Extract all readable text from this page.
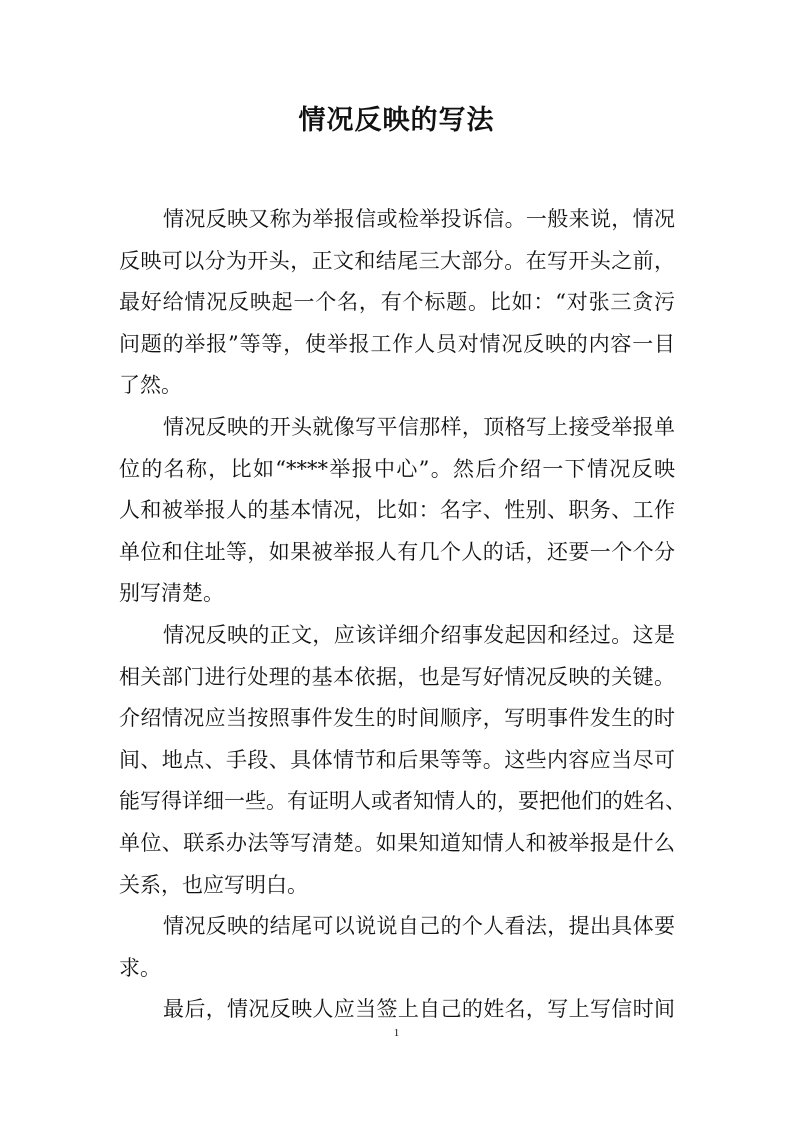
情况反映的写法
情况反映又称为举报信或检举投诉信。一般来说，情况
反映可以分为开头，正文和结尾三大部分。在写开头之前，
最好给情况反映起一个名，有个标题。比如：“对张三贪污
问题的举报”等等，使举报工作人员对情况反映的内容一目
了然。
情况反映的开头就像写平信那样，顶格写上接受举报单
位的名称，比如“****举报中心”。然后介绍一下情况反映
人和被举报人的基本情况，比如：名字、性别、职务、工作
单位和住址等，如果被举报人有几个人的话，还要一个个分
别写清楚。
情况反映的正文，应该详细介绍事发起因和经过。这是
相关部门进行处理的基本依据，也是写好情况反映的关键。
介绍情况应当按照事件发生的时间顺序，写明事件发生的时
间、地点、手段、具体情节和后果等等。这些内容应当尽可
能写得详细一些。有证明人或者知情人的，要把他们的姓名、
单位、联系办法等写清楚。如果知道知情人和被举报是什么
关系，也应写明白。
情况反映的结尾可以说说自己的个人看法，提出具体要
求。
最后，情况反映人应当签上自己的姓名，写上写信时间
1
